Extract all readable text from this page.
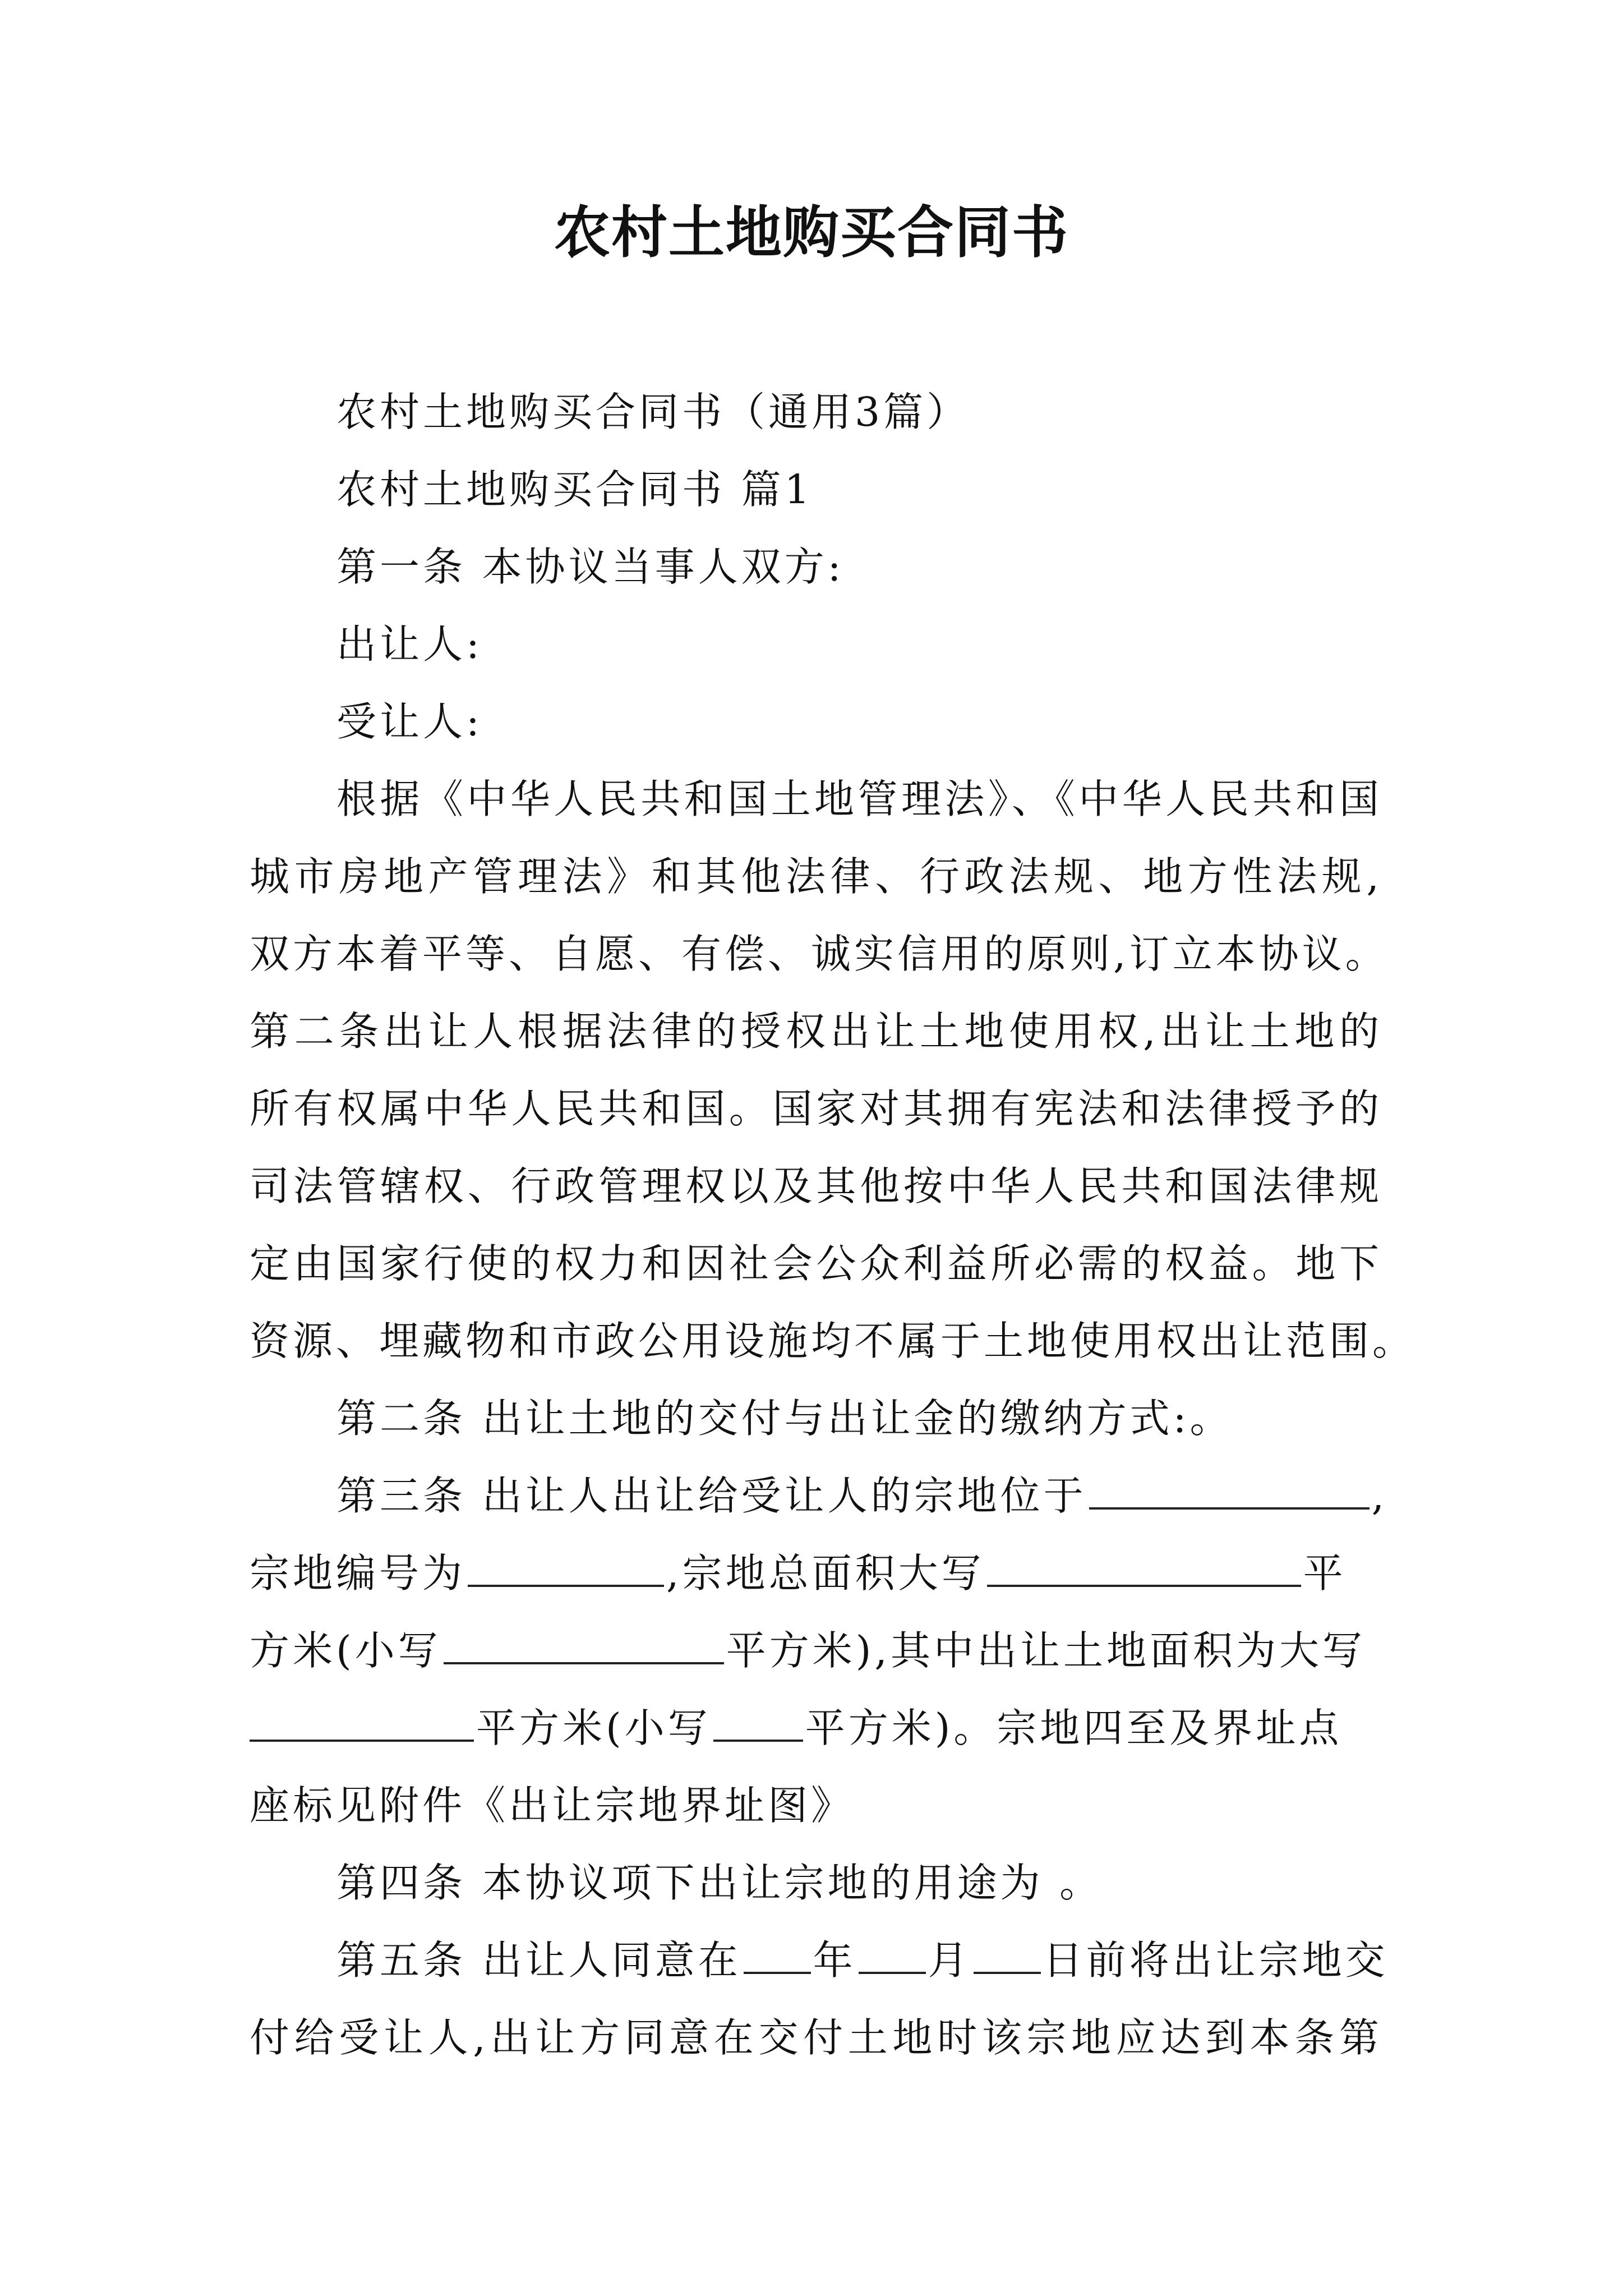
农村土地购买合同书
农村土地购买合同书（通用3篇）
农村土地购买合同书 篇1
第一条 本协议当事人双方:
出让人:
受让人:
根据《中华人民共和国土地管理法》、《中华人民共和国
城市房地产管理法》和其他法律、行政法规、地方性法规,
双方本着平等、自愿、有偿、诚实信用的原则,订立本协议。
第二条出让人根据法律的授权出让土地使用权,出让土地的
所有权属中华人民共和国。国家对其拥有宪法和法律授予的
司法管辖权、行政管理权以及其他按中华人民共和国法律规
定由国家行使的权力和因社会公众利益所必需的权益。地下
资源、埋藏物和市政公用设施均不属于土地使用权出让范围。
第二条 出让土地的交付与出让金的缴纳方式:。
第三条 出让人出让给受让人的宗地位于	,
宗地编号为	,宗地总面积大写	平
方米(小写	平方米),其中出让土地面积为大写
平方米(小写 平方米)。宗地四至及界址点
座标见附件《出让宗地界址图》
第四条 本协议项下出让宗地的用途为 。
第五条 出让人同意在 年 月 日前将出让宗地交
付给受让人,出让方同意在交付土地时该宗地应达到本条第
